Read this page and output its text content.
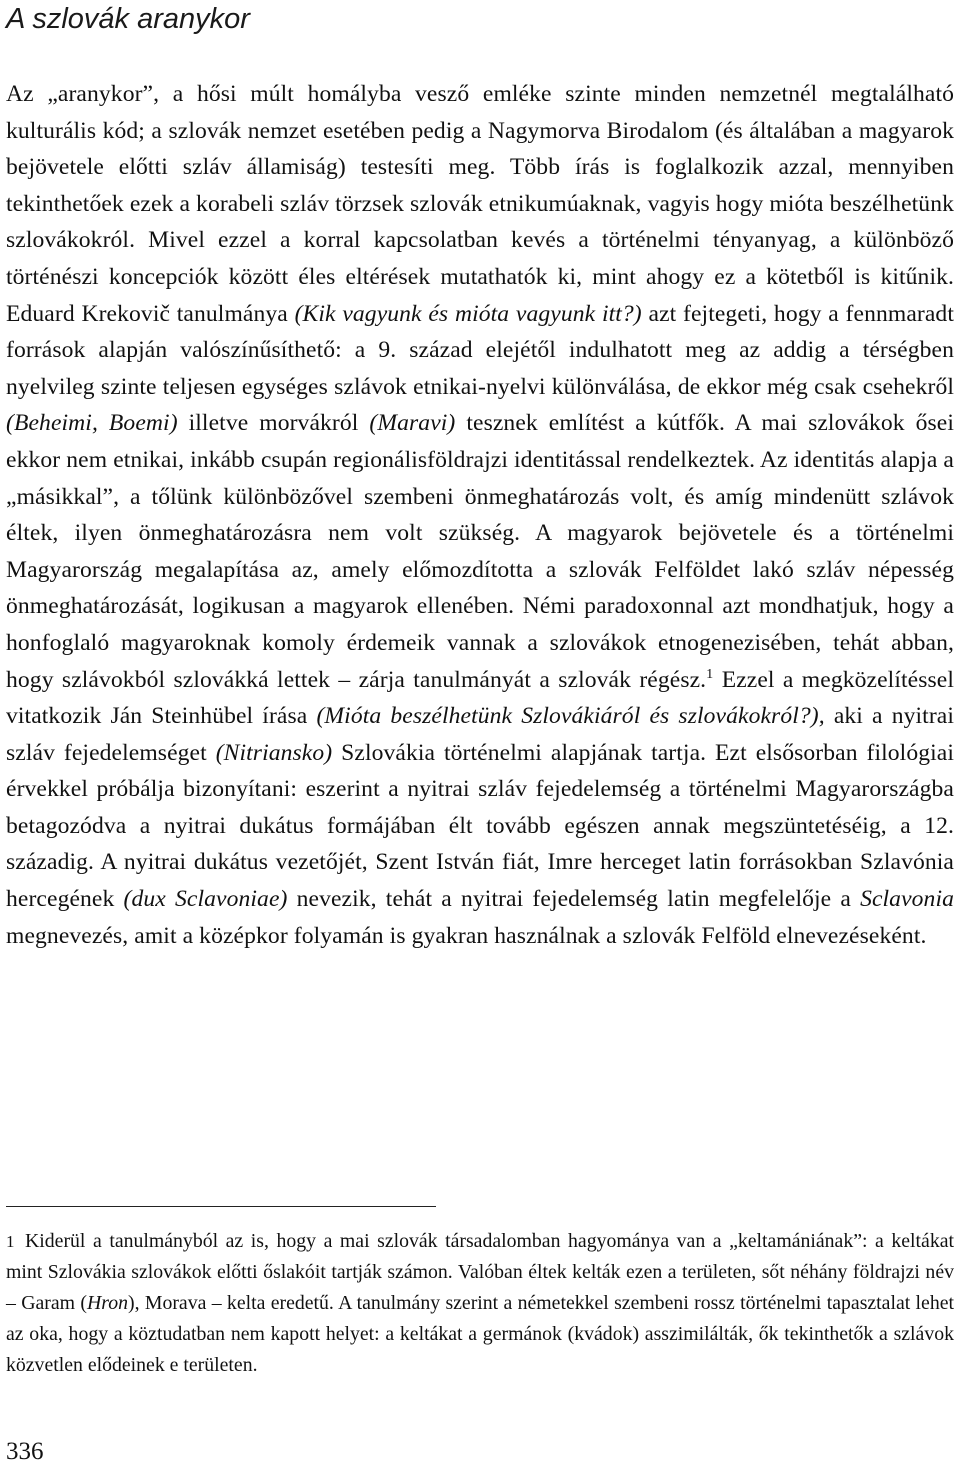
A szlovák aranykor

Az „aranykor”, a hősi múlt homályba vesző emléke szinte minden nemzetnél megtalálható kulturális kód; a szlovák nemzet esetében pedig a Nagymorva Birodalom (és általában a magyarok bejövetele előtti szláv államiság) testesíti meg. Több írás is foglalkozik azzal, mennyiben tekinthetőek ezek a korabeli szláv törzsek szlovák etnikumúaknak, vagyis hogy mióta beszélhetünk szlovákokról. Mivel ezzel a korral kapcsolatban kevés a történelmi tényanyag, a különböző történészi koncepciók között éles eltérések mutathatók ki, mint ahogy ez a kötetből is kitűnik. Eduard Krekovič tanulmánya (Kik vagyunk és mióta vagyunk itt?) azt fejtegeti, hogy a fennmaradt források alapján valószínűsíthető: a 9. század elejétől indulhatott meg az addig a térségben nyelvileg szinte teljesen egységes szlávok etnikai-nyelvi különválása, de ekkor még csak csehekről (Beheimi, Boemi) illetve morvákról (Maravi) tesznek említést a kútfők. A mai szlovákok ősei ekkor nem etnikai, inkább csupán regionálisföldrajzi identitással rendelkeztek. Az identitás alapja a „másikkal”, a tőlünk különbözővel szembeni önmeghatározás volt, és amíg mindenütt szlávok éltek, ilyen önmeghatározásra nem volt szükség. A magyarok bejövetele és a történelmi Magyarország megalapítása az, amely előmozdította a szlovák Felföldet lakó szláv népesség önmeghatározását, logikusan a magyarok ellenében. Némi paradoxonnal azt mondhatjuk, hogy a honfoglaló magyaroknak komoly érdemeik vannak a szlovákok etnogenezisében, tehát abban, hogy szlávokból szlovákká lettek – zárja tanulmányát a szlovák régész.$^1$ Ezzel a megközelítéssel vitatkozik Ján Steinhübel írása (Mióta beszélhetünk Szlovákiáról és szlovákokról?), aki a nyitrai szláv fejedelemséget (Nitriansko) Szlovákia történelmi alapjának tartja. Ezt elsősorban filológiai érvekkel próbálja bizonyítani: eszerint a nyitrai szláv fejedelemség a történelmi Magyarországba betagozódva a nyitrai dukátus formájában élt tovább egészen annak megszüntetéséig, a 12. századig. A nyitrai dukátus vezetőjét, Szent István fiát, Imre herceget latin forrásokban Szlavónia hercegének (dux Sclavoniae) nevezik, tehát a nyitrai fejedelemség latin megfelelője a Sclavonia megnevezés, amit a középkor folyamán is gyakran használnak a szlovák Felföld elnevezéseként.

1 Kiderül a tanulmányból az is, hogy a mai szlovák társadalomban hagyománya van a „keltamániának”: a keltákat mint Szlovákia szlovákok előtti őslakóit tartják számon. Valóban éltek kelták ezen a területen, sőt néhány földrajzi név – Garam (Hron), Morava – kelta eredetű. A tanulmány szerint a németekkel szembeni rossz történelmi tapasztalat lehet az oka, hogy a köztudatban nem kapott helyet: a keltákat a germánok (kvádok) asszimilálták, ők tekinthetők a szlávok közvetlen elődeinek e területen.

336
